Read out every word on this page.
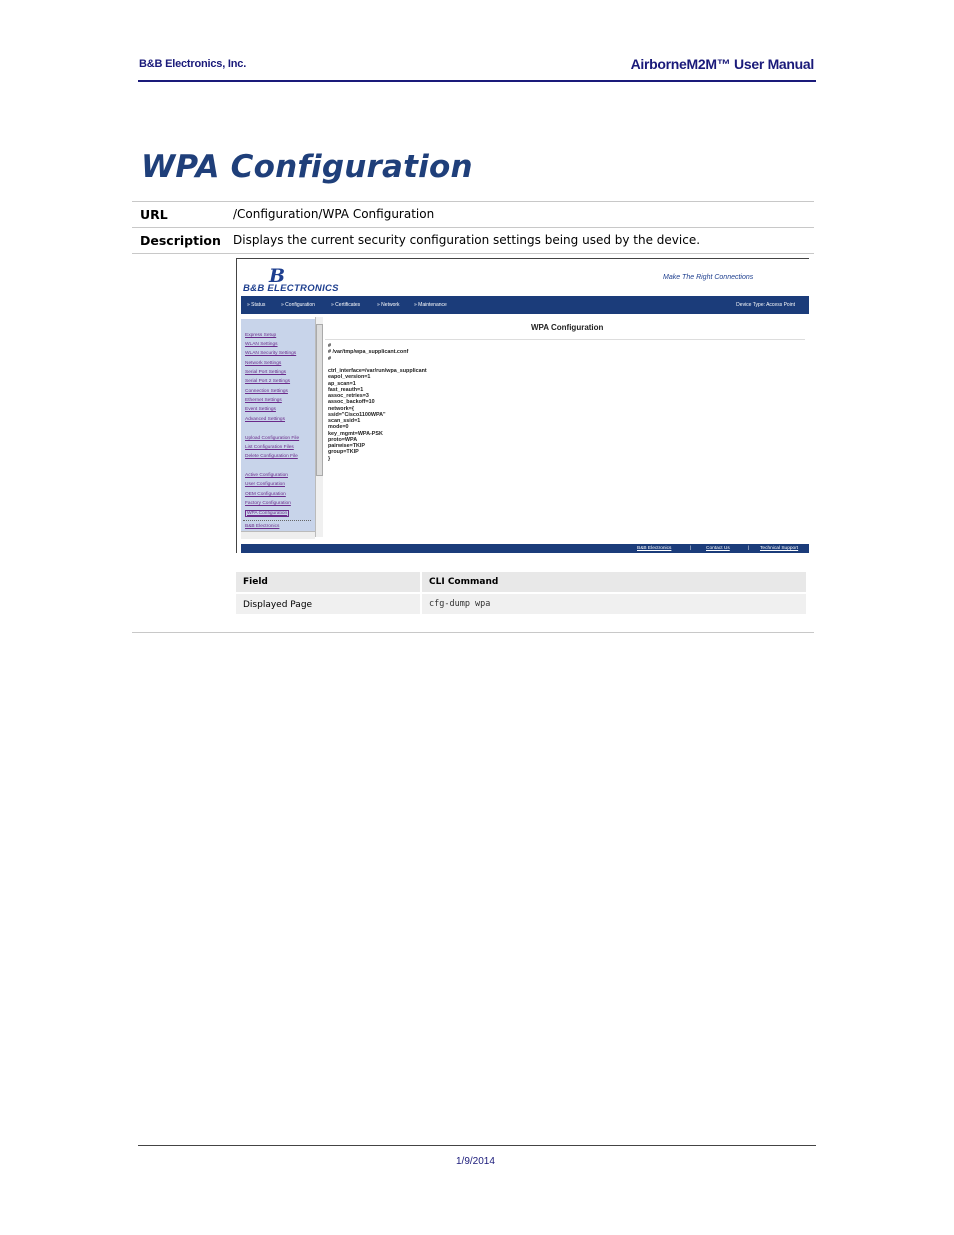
B&B Electronics, Inc.	AirborneM2M™ User Manual
WPA Configuration
URL	/Configuration/WPA Configuration
Description Displays the current security configuration settings being used by the device.
B
B&B ELECTRONICS
Make The Right Connections
» Status	» Configuration	» Certificates	» Network	» Maintenance	Device Type: Access Point
Express Setup
WLAN Settings
WLAN Security Settings
Network Settings
Serial Port Settings
Serial Port 2 Settings
Connection Settings
Ethernet Settings
Event Settings
Advanced Settings
Upload Configuration File
List Configuration Files
Delete Configuration File
Active Configuration
User Configuration
OEM Configuration
Factory Configuration
WPA Configuration
B&B Electronics
WPA Configuration
#
# /var/tmp/wpa_supplicant.conf
#

ctrl_interface=/var/run/wpa_supplicant
eapol_version=1
ap_scan=1
fast_reauth=1
assoc_retries=3
assoc_backoff=10
network={
ssid="Cisco1100WPA"
scan_ssid=1
mode=0
key_mgmt=WPA-PSK
proto=WPA
pairwise=TKIP
group=TKIP
}
B&B Electronics	|	Contact Us	| Technical Support
Field	CLI Command
Displayed Page	cfg-dump wpa
1/9/2014
